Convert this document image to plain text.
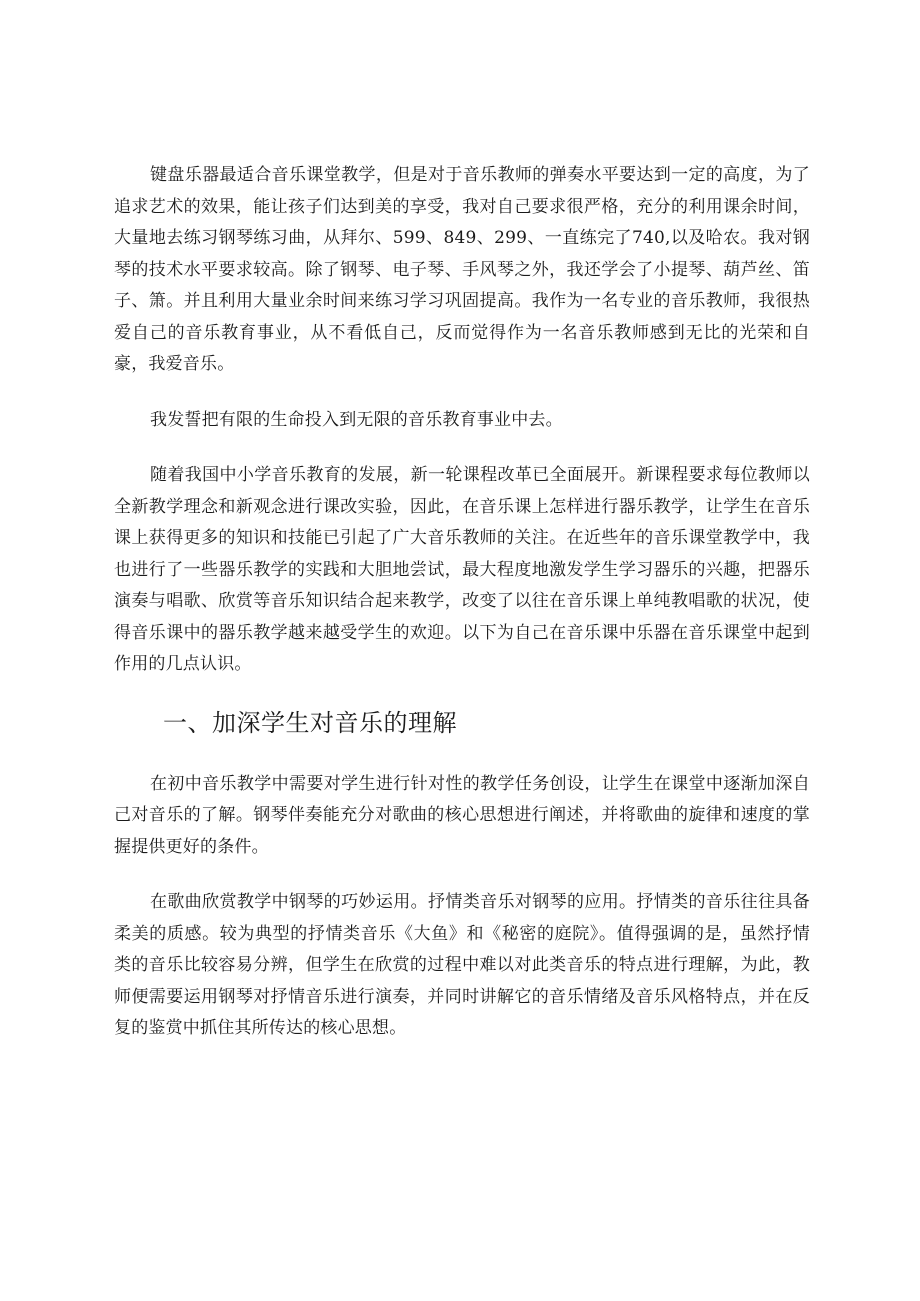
键盘乐器最适合音乐课堂教学，但是对于音乐教师的弹奏水平要达到一定的高度，为了追求艺术的效果，能让孩子们达到美的享受，我对自己要求很严格，充分的利用课余时间，大量地去练习钢琴练习曲，从拜尔、599、849、299、一直练完了740,以及哈农。我对钢琴的技术水平要求较高。除了钢琴、电子琴、手风琴之外，我还学会了小提琴、葫芦丝、笛子、箫。并且利用大量业余时间来练习学习巩固提高。我作为一名专业的音乐教师，我很热爱自己的音乐教育事业，从不看低自己，反而觉得作为一名音乐教师感到无比的光荣和自豪，我爱音乐。

我发誓把有限的生命投入到无限的音乐教育事业中去。

随着我国中小学音乐教育的发展，新一轮课程改革已全面展开。新课程要求每位教师以全新教学理念和新观念进行课改实验，因此，在音乐课上怎样进行器乐教学，让学生在音乐课上获得更多的知识和技能已引起了广大音乐教师的关注。在近些年的音乐课堂教学中，我也进行了一些器乐教学的实践和大胆地尝试，最大程度地激发学生学习器乐的兴趣，把器乐演奏与唱歌、欣赏等音乐知识结合起来教学，改变了以往在音乐课上单纯教唱歌的状况，使得音乐课中的器乐教学越来越受学生的欢迎。以下为自己在音乐课中乐器在音乐课堂中起到作用的几点认识。

一、加深学生对音乐的理解

在初中音乐教学中需要对学生进行针对性的教学任务创设，让学生在课堂中逐渐加深自己对音乐的了解。钢琴伴奏能充分对歌曲的核心思想进行阐述，并将歌曲的旋律和速度的掌握提供更好的条件。

在歌曲欣赏教学中钢琴的巧妙运用。抒情类音乐对钢琴的应用。抒情类的音乐往往具备柔美的质感。较为典型的抒情类音乐《大鱼》和《秘密的庭院》。值得强调的是，虽然抒情类的音乐比较容易分辨，但学生在欣赏的过程中难以对此类音乐的特点进行理解，为此，教师便需要运用钢琴对抒情音乐进行演奏，并同时讲解它的音乐情绪及音乐风格特点，并在反复的鉴赏中抓住其所传达的核心思想。
